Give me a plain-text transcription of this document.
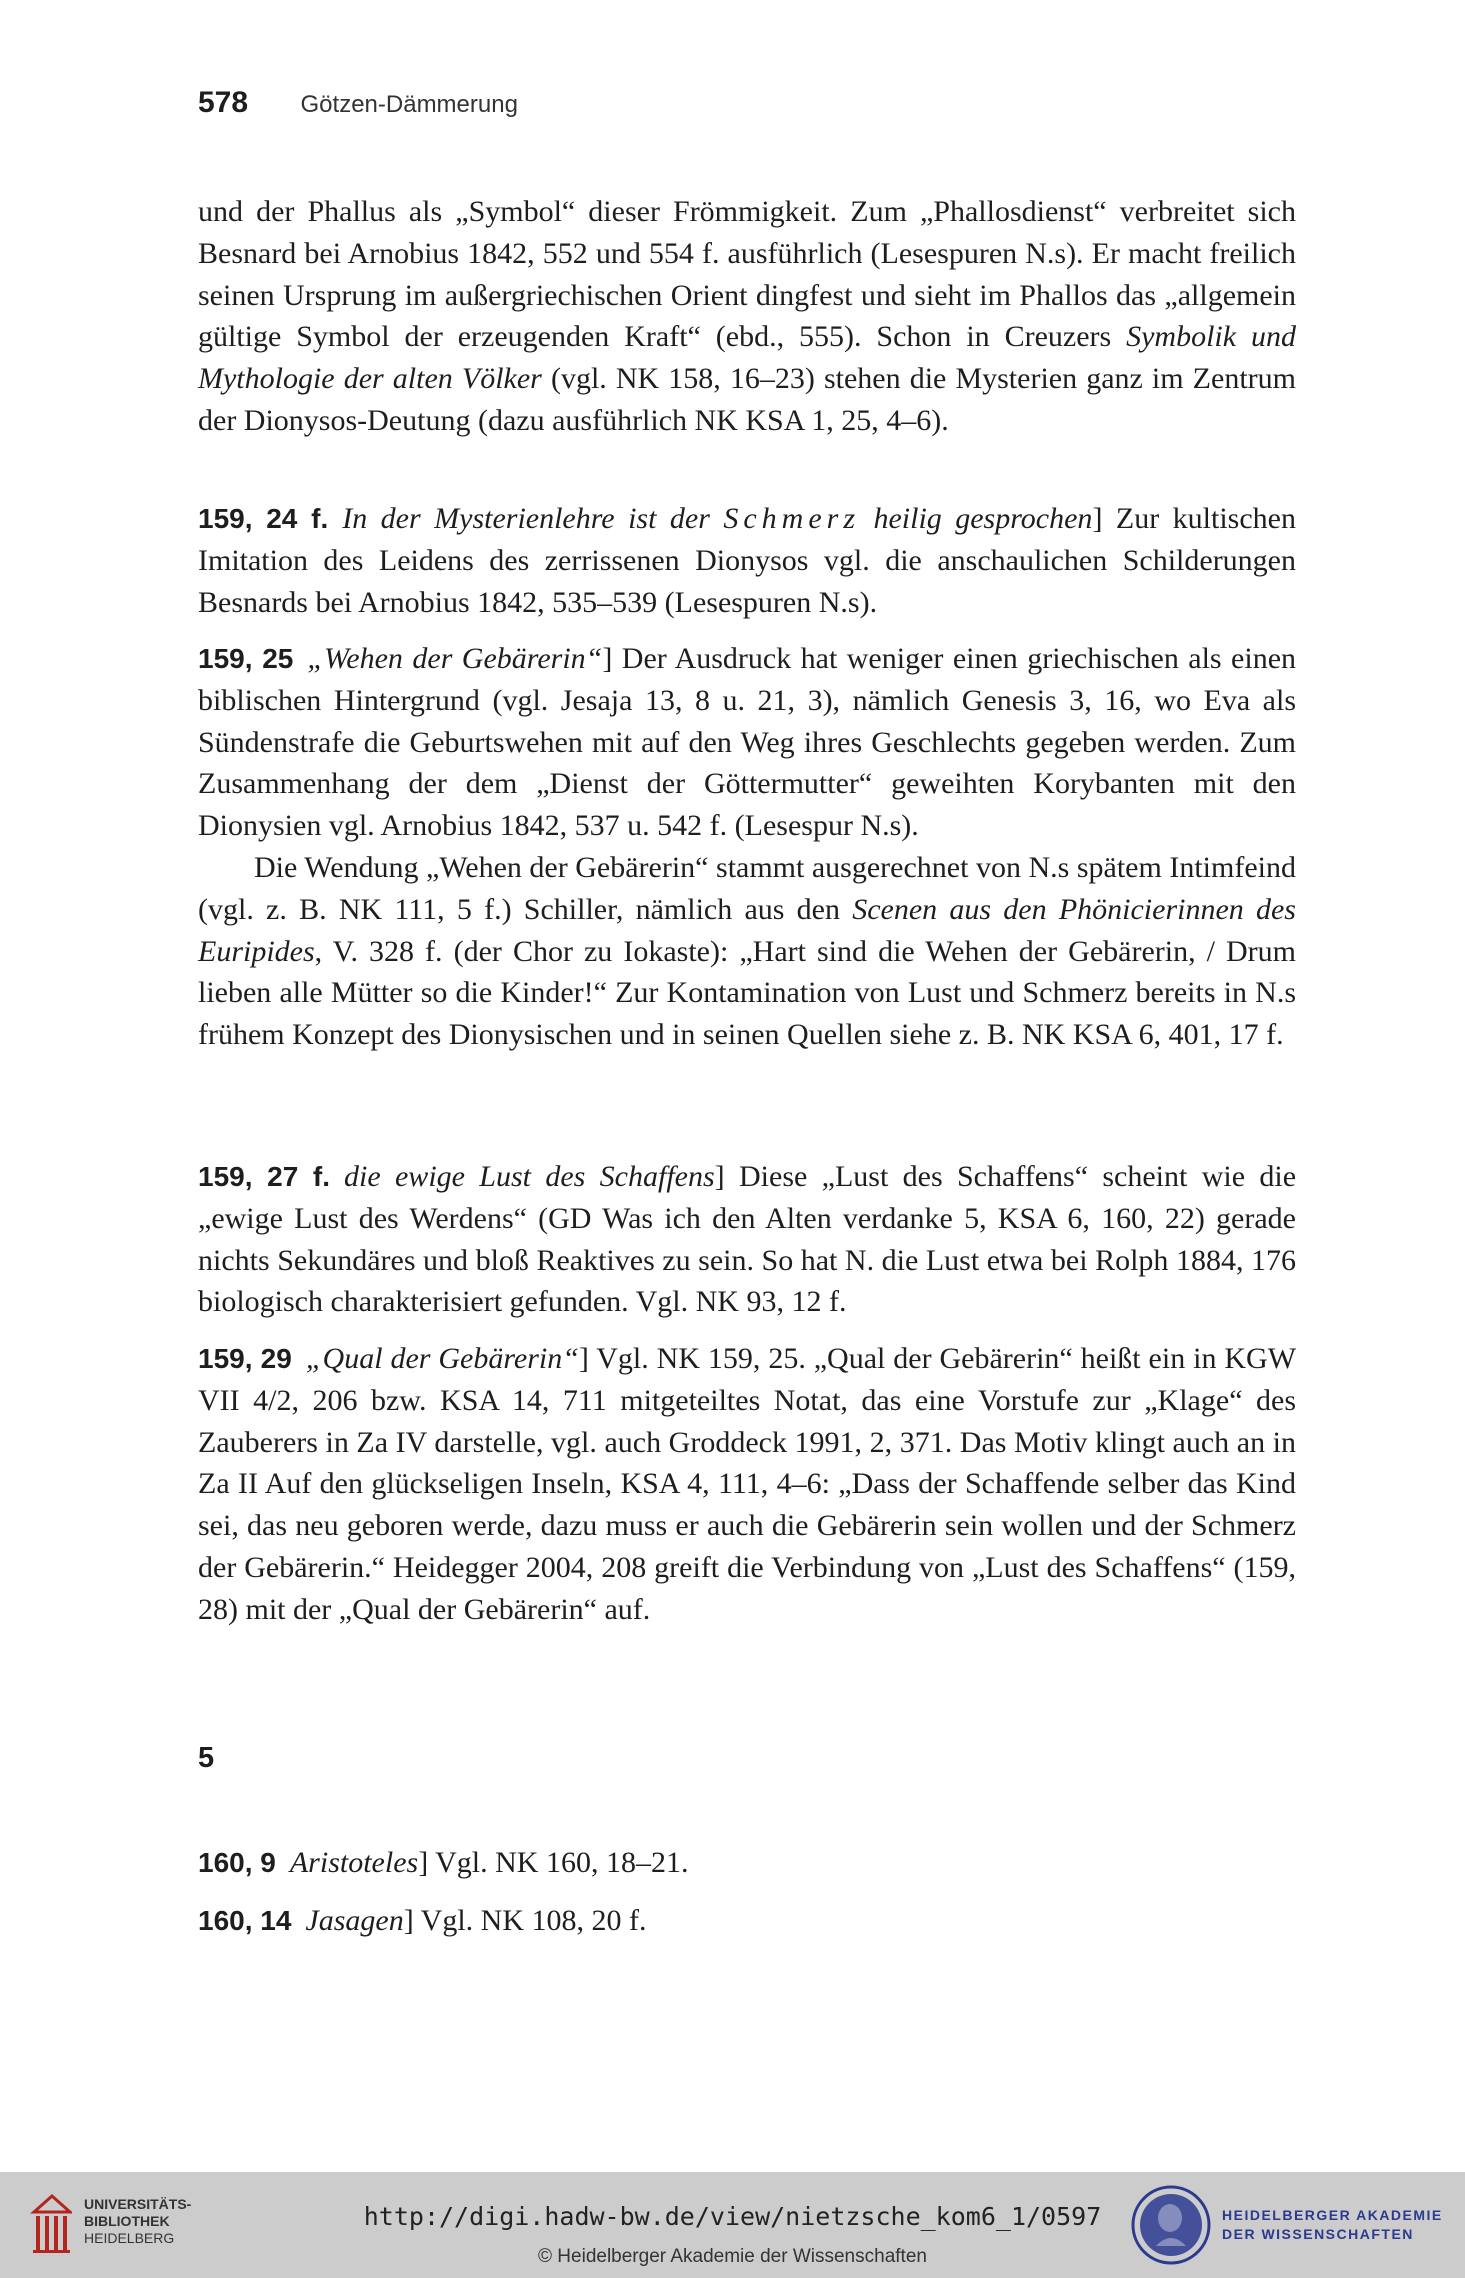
578 Götzen-Dämmerung

und der Phallus als „Symbol“ dieser Frömmigkeit. Zum „Phallosdienst“ verbreitet sich Besnard bei Arnobius 1842, 552 und 554 f. ausführlich (Lesespuren N.s). Er macht freilich seinen Ursprung im außergriechischen Orient dingfest und sieht im Phallos das „allgemein gültige Symbol der erzeugenden Kraft“ (ebd., 555). Schon in Creuzers Symbolik und Mythologie der alten Völker (vgl. NK 158, 16–23) stehen die Mysterien ganz im Zentrum der Dionysos-Deutung (dazu ausführlich NK KSA 1, 25, 4–6).

159, 24 f. In der Mysterienlehre ist der Schmerz heilig gesprochen] Zur kultischen Imitation des Leidens des zerrissenen Dionysos vgl. die anschaulichen Schilderungen Besnards bei Arnobius 1842, 535–539 (Lesespuren N.s).

159, 25 „Wehen der Gebärerin“] Der Ausdruck hat weniger einen griechischen als einen biblischen Hintergrund (vgl. Jesaja 13, 8 u. 21, 3), nämlich Genesis 3, 16, wo Eva als Sündenstrafe die Geburtswehen mit auf den Weg ihres Geschlechts gegeben werden. Zum Zusammenhang der dem „Dienst der Göttermutter“ geweihten Korybanten mit den Dionysien vgl. Arnobius 1842, 537 u. 542 f. (Lesespur N.s).

Die Wendung „Wehen der Gebärerin“ stammt ausgerechnet von N.s spätem Intimfeind (vgl. z. B. NK 111, 5 f.) Schiller, nämlich aus den Scenen aus den Phönicierinnen des Euripides, V. 328 f. (der Chor zu Iokaste): „Hart sind die Wehen der Gebärerin, / Drum lieben alle Mütter so die Kinder!“ Zur Kontamination von Lust und Schmerz bereits in N.s frühem Konzept des Dionysischen und in seinen Quellen siehe z. B. NK KSA 6, 401, 17 f.

159, 27 f. die ewige Lust des Schaffens] Diese „Lust des Schaffens“ scheint wie die „ewige Lust des Werdens“ (GD Was ich den Alten verdanke 5, KSA 6, 160, 22) gerade nichts Sekundäres und bloß Reaktives zu sein. So hat N. die Lust etwa bei Rolph 1884, 176 biologisch charakterisiert gefunden. Vgl. NK 93, 12 f.

159, 29 „Qual der Gebärerin“] Vgl. NK 159, 25. „Qual der Gebärerin“ heißt ein in KGW VII 4/2, 206 bzw. KSA 14, 711 mitgeteiltes Notat, das eine Vorstufe zur „Klage“ des Zauberers in Za IV darstelle, vgl. auch Groddeck 1991, 2, 371. Das Motiv klingt auch an in Za II Auf den glückseligen Inseln, KSA 4, 111, 4–6: „Dass der Schaffende selber das Kind sei, das neu geboren werde, dazu muss er auch die Gebärerin sein wollen und der Schmerz der Gebärerin.“ Heidegger 2004, 208 greift die Verbindung von „Lust des Schaffens“ (159, 28) mit der „Qual der Gebärerin“ auf.

5

160, 9 Aristoteles] Vgl. NK 160, 18–21.

160, 14 Jasagen] Vgl. NK 108, 20 f.

UNIVERSITÄTS-
BIBLIOTHEK
HEIDELBERG
http://digi.hadw-bw.de/view/nietzsche_kom6_1/0597
© Heidelberger Akademie der Wissenschaften
HEIDELBERGER AKADEMIE
DER WISSENSCHAFTEN
